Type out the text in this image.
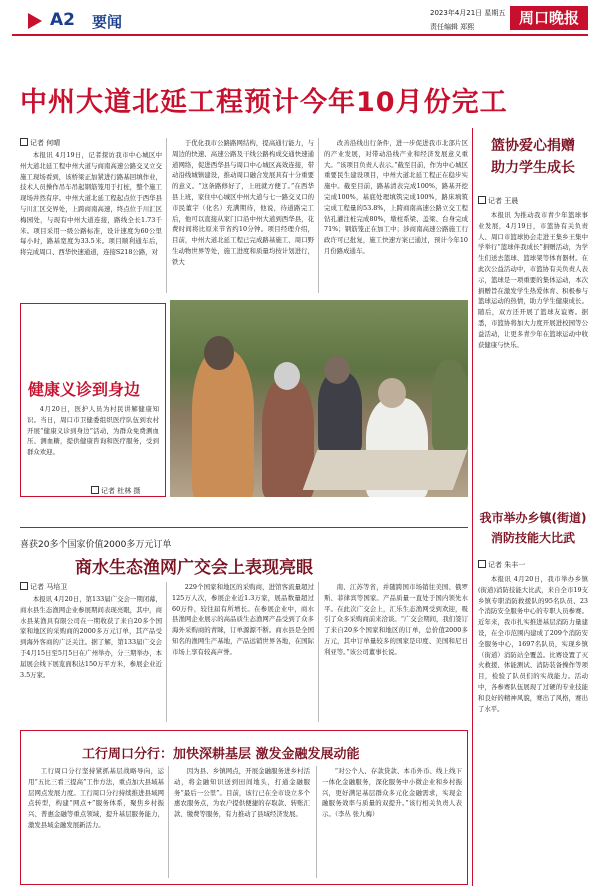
A2 要闻	2023年4月21日 星期五
责任编辑 郑熙	周口晚报
中州大道北延工程预计今年10月份完工
记者 何晴

本报讯 4月19日，记者探访我市中心城区中州大道北延工程中州大道与商南高速公路交叉立交施工现场看到，该桥梁正加紧进行路基回填作业，技术人员操作吊车吊起钢筋笼用于打桩，整个施工现场井然有序。中州大道北延工程起点位于西华县与川汇区交界处，上跨商南高速，终点位于川汇区梅园处，与现有中州大道连接，路线全长1.73千米。项目采用一级公路标准，设计速度为60公里每小时，路基宽度为33.5米。项目顺利通车后，将完成周口、西华快速通道，连接S218公路，对

于优化我市公路路网结构，提高通行能力，与周边的快速、高速公路及干线公路构成交通快速通道网络，促进西华县与周口中心城区高效连接，带动沿线城镇建设，推动周口融合发展具有十分重要的意义。“这条路修好了，上班就方便了。”在西华县上班，家住中心城区中州大道与七一路交叉口的市民董宇（化名）充满期待，他说，待道路完工后，他可以直接从家门口沿中州大道到西华县，花费时间将比原来节省约10分钟。项目经理介绍，目前，中州大道北延工程已完成路基施工、周口野生动物世界等处，施工进度和质量均按计划进行，铁大

改善沿线出行条件，进一步促进我市北部片区的产业发展，对带动沿线产业和经济发展意义重大。“该项目负责人表示。”截至目前，作为中心城区重要民生建设项目，中州大道北延工程正在稳步实施中。截至目前，路基清表完成100%，路基开挖完成100%，基底处理填筑完成100%，路床填筑完成工程量的53.8%，上跨商南高速公路立交工程钻孔灌注桩完成80%，墩柱系梁、盖梁、台身完成71%；钢筋笼正在加工中；涉商南高速公路施工行政许可已批复，施工快速方案已通过，预计今年10月份路成通车。

篮协爱心捐赠
助力学生成长
记者 王晨

本报讯 为推动我市青少年篮球事业发展，4月19日，市篮协有关负责人、周口市篮球协会走进王集乡王集中学举行“篮球伴我成长”捐赠活动，为学生们送去篮球、篮球架等体育器材。在此次公益活动中，市篮协有关负责人表示，篮球是一项重要的集体运动，本次捐赠旨在激发学生热爱体育、积极参与篮球运动的热情，助力学生健康成长。随后，双方还开展了篮球友谊赛。据悉，市篮协将加大力度开展进校园等公益活动，让更多青少年在篮球运动中收获健康与快乐。

4月20日，医护人员为村民讲解健康知识。当日，周口市卫健委组织医疗队伍到农村开展“健康义诊到身边”活动，为群众免费测血压、测血糖，提供健康咨询和医疗服务，受到群众欢迎。

记者 杜林 摄
健康义诊到身边
喜获20多个国家价值2000多万元订单
商水生态渔网广交会上表现亮眼
记者 马培卫

本报讯 4月20日，第133届广交会一期闭幕，商水县生态渔网企业参展期间表现亮眼，其中，商水县某渔具有限公司在一期收获了来自20多个国家和地区的采购商的2000多万元订单，其产品受到海外客商的广泛关注。据了解，第133届广交会于4月15日至5月5日在广州举办，分三期举办，本届展会线下展览面积达150万平方米，参展企业近3.5万家。

229个国家和地区的采购商，进馆客流量超过125万人次，参展企业近1.3万家，展品数量超过60万件，较往届有所增长。在参展企业中，商水县渔网企业展示的高品质生态渔网产品受到了众多海外采购商的青睐，订单源源不断。商水县是全国知名的渔网生产基地，产品远销世界各地，在国际市场上享有较高声誉。

南、江苏等省，并随跨国市场销往美国、俄罗斯、菲律宾等国家。产品质量一直处于国内领先水平。在此次广交会上，汇乐生态渔网受到欢迎，吸引了众多采购商前来洽谈。“广交会期间，我们签订了来自20多个国家和地区的订单，总价值2000多万元，其中订单量较多的国家是印度、美国和尼日利亚等。”该公司董事长说。

我市举办乡镇(街道)
消防技能大比武
记者 朱丰一

本报讯 4月20日，我市举办乡镇(街道)消防技能大比武，来自全市19支乡镇专职消防救援队的95名队员、23个消防安全服务中心的专职人员参赛。近年来，我市扎实推进基层消防力量建设，在全市范围内建成了209个消防安全服务中心，1697名队员，实现乡镇（街道）消防站全覆盖。比赛设置了灭火救援、体能测试、消防装备操作等项目，检验了队员们的实战能力。活动中，各参赛队伍展现了过硬的专业技能和良好的精神风貌，赛出了风格，赛出了水平。

工行周口分行：加快深耕基层 激发金融发展动能

工行周口分行坚持紧抓基层战略导向，运用“五比三看三提高”工作方法，重点加大县域基层网点发展力度。工行周口分行持续推进县域网点转型，构建“网点+”服务体系，聚焦乡村振兴、普惠金融等重点领域，提升基层服务能力，激发县域金融发展新活力。

因为县、乡镇网点，开展金融服务进乡村活动，将金融知识送到田间地头，打通金融服务“最后一公里”。目前，该行已在全市设立多个惠农服务点，为农户提供便捷的存取款、转账汇款、缴费等服务，有力推动了县域经济发展。

“对公个人、存款贷款、本币外币、线上线下一体化金融服务，深化服务中小微企业和乡村振兴，更好满足基层群众多元化金融需求，实现金融服务效率与质量的双提升。”该行相关负责人表示。（李丛 张九梅）
